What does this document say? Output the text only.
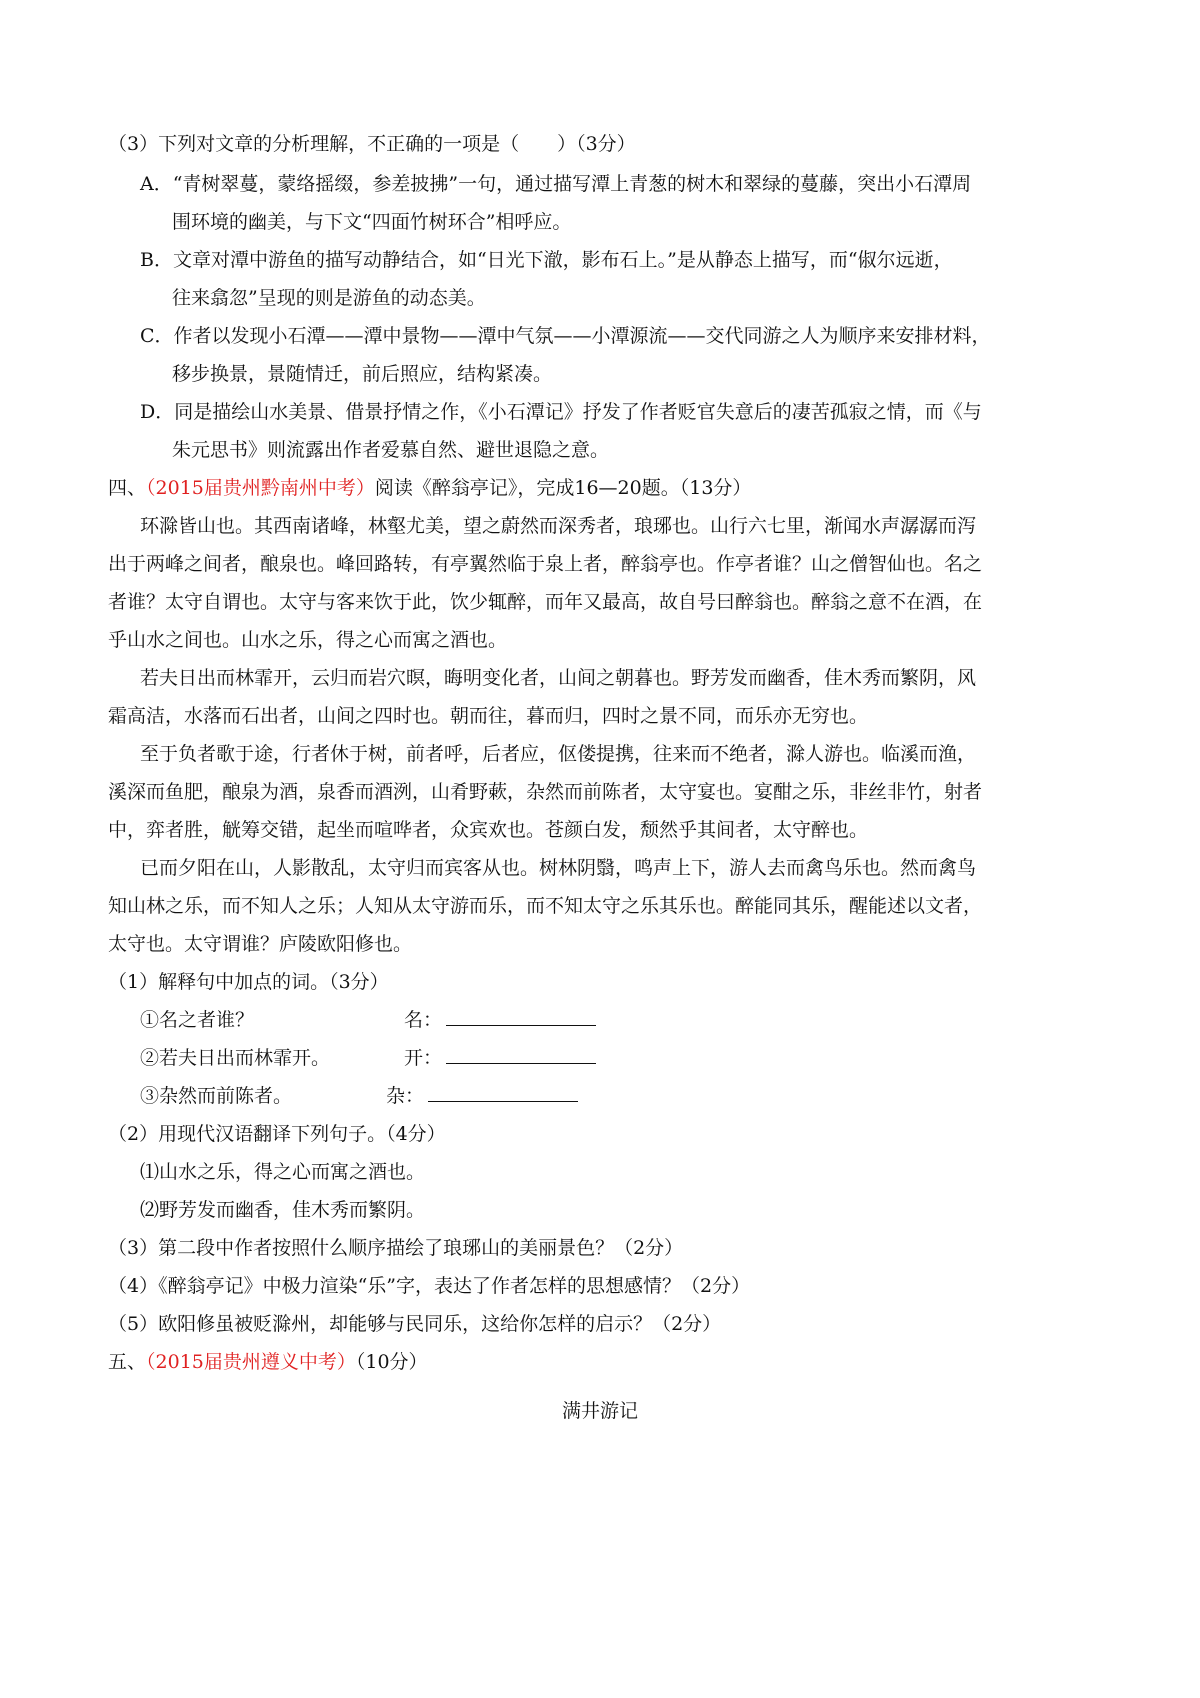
（3）下列对文章的分析理解，不正确的一项是（　　）（3分）
A．“青树翠蔓，蒙络摇缀，参差披拂”一句，通过描写潭上青葱的树木和翠绿的蔓藤，突出小石潭周
围环境的幽美，与下文“四面竹树环合”相呼应。
B．文章对潭中游鱼的描写动静结合，如“日光下澈，影布石上。”是从静态上描写，而“俶尔远逝，
往来翕忽”呈现的则是游鱼的动态美。
C．作者以发现小石潭——潭中景物——潭中气氛——小潭源流——交代同游之人为顺序来安排材料，
移步换景，景随情迁，前后照应，结构紧凑。
D．同是描绘山水美景、借景抒情之作，《小石潭记》抒发了作者贬官失意后的凄苦孤寂之情，而《与
朱元思书》则流露出作者爱慕自然、避世退隐之意。
四、（2015届贵州黔南州中考）阅读《醉翁亭记》，完成16—20题。（13分）
环滁皆山也。其西南诸峰，林壑尤美，望之蔚然而深秀者，琅琊也。山行六七里，渐闻水声潺潺而泻
出于两峰之间者，酿泉也。峰回路转，有亭翼然临于泉上者，醉翁亭也。作亭者谁？山之僧智仙也。名之
者谁？太守自谓也。太守与客来饮于此，饮少辄醉，而年又最高，故自号曰醉翁也。醉翁之意不在酒，在
乎山水之间也。山水之乐，得之心而寓之酒也。
若夫日出而林霏开，云归而岩穴暝，晦明变化者，山间之朝暮也。野芳发而幽香，佳木秀而繁阴，风
霜高洁，水落而石出者，山间之四时也。朝而往，暮而归，四时之景不同，而乐亦无穷也。
至于负者歌于途，行者休于树，前者呼，后者应，伛偻提携，往来而不绝者，滁人游也。临溪而渔，
溪深而鱼肥，酿泉为酒，泉香而酒洌，山肴野蔌，杂然而前陈者，太守宴也。宴酣之乐，非丝非竹，射者
中，弈者胜，觥筹交错，起坐而喧哗者，众宾欢也。苍颜白发，颓然乎其间者，太守醉也。
已而夕阳在山，人影散乱，太守归而宾客从也。树林阴翳，鸣声上下，游人去而禽鸟乐也。然而禽鸟
知山林之乐，而不知人之乐；人知从太守游而乐，而不知太守之乐其乐也。醉能同其乐，醒能述以文者，
太守也。太守谓谁？庐陵欧阳修也。
（1）解释句中加点的词。（3分）
①名之者谁？	名：
②若夫日出而林霏开。	开：
③杂然而前陈者。	杂：
（2）用现代汉语翻译下列句子。（4分）
⑴山水之乐，得之心而寓之酒也。
⑵野芳发而幽香，佳木秀而繁阴。
（3）第二段中作者按照什么顺序描绘了琅琊山的美丽景色？（2分）
（4）《醉翁亭记》中极力渲染“乐”字，表达了作者怎样的思想感情？（2分）
（5）欧阳修虽被贬滁州，却能够与民同乐，这给你怎样的启示？（2分）
五、（2015届贵州遵义中考）（10分）
满井游记
